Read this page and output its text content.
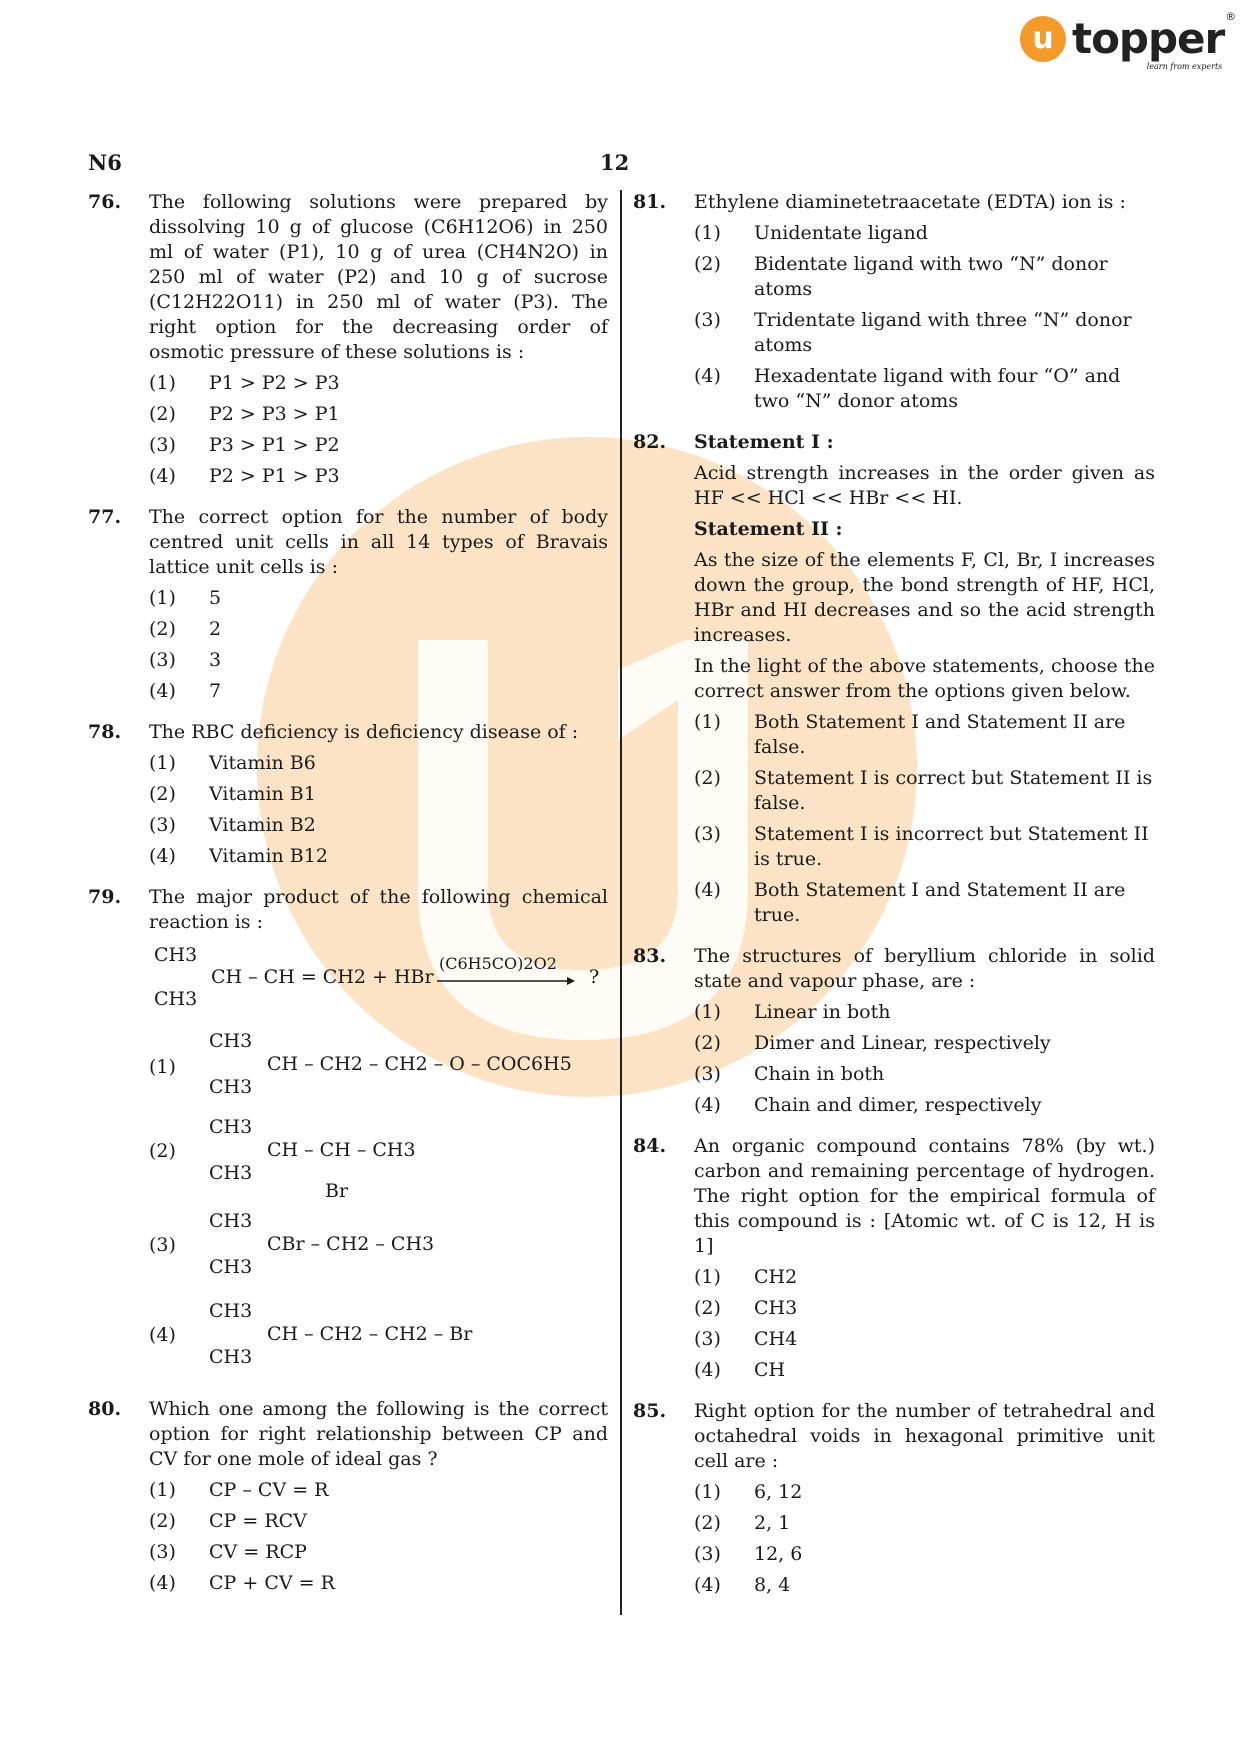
u topper ®
learn from experts
N6	12
76. The following solutions were prepared by dissolving 10 g of glucose (C6H12O6) in 250 ml of water (P1), 10 g of urea (CH4N2O) in 250 ml of water (P2) and 10 g of sucrose (C12H22O11) in 250 ml of water (P3). The right option for the decreasing order of osmotic pressure of these solutions is :
(1) P1 > P2 > P3
(2) P2 > P3 > P1
(3) P3 > P1 > P2
(4) P2 > P1 > P3
77. The correct option for the number of body centred unit cells in all 14 types of Bravais lattice unit cells is :
(1) 5
(2) 2
(3) 3
(4) 7
78. The RBC deficiency is deficiency disease of :
(1) Vitamin B6
(2) Vitamin B1
(3) Vitamin B2
(4) Vitamin B12
79. The major product of the following chemical reaction is :
CH3
CH3
CH – CH = CH2 + HBr
(C6H5CO)2O2
?
(1)
CH3
CH3
CH – CH2 – CH2 – O – COC6H5
(2)
CH3
CH3
CH – CH – CH3
Br
(3)
CH3
CH3
CBr – CH2 – CH3
(4)
CH3
CH3
CH – CH2 – CH2 – Br
80. Which one among the following is the correct option for right relationship between CP and CV for one mole of ideal gas ?
(1) CP – CV = R
(2) CP = RCV
(3) CV = RCP
(4) CP + CV = R
81. Ethylene diaminetetraacetate (EDTA) ion is :
(1) Unidentate ligand
(2) Bidentate ligand with two “N” donor atoms
(3) Tridentate ligand with three “N” donor atoms
(4) Hexadentate ligand with four “O” and two “N” donor atoms
82. Statement I :
Acid strength increases in the order given as HF << HCl << HBr << HI.
Statement II :
As the size of the elements F, Cl, Br, I increases down the group, the bond strength of HF, HCl, HBr and HI decreases and so the acid strength increases.
In the light of the above statements, choose the correct answer from the options given below.
(1) Both Statement I and Statement II are false.
(2) Statement I is correct but Statement II is false.
(3) Statement I is incorrect but Statement II is true.
(4) Both Statement I and Statement II are true.
83. The structures of beryllium chloride in solid state and vapour phase, are :
(1) Linear in both
(2) Dimer and Linear, respectively
(3) Chain in both
(4) Chain and dimer, respectively
84. An organic compound contains 78% (by wt.) carbon and remaining percentage of hydrogen. The right option for the empirical formula of this compound is : [Atomic wt. of C is 12, H is 1]
(1) CH2
(2) CH3
(3) CH4
(4) CH
85. Right option for the number of tetrahedral and octahedral voids in hexagonal primitive unit cell are :
(1) 6, 12
(2) 2, 1
(3) 12, 6
(4) 8, 4
